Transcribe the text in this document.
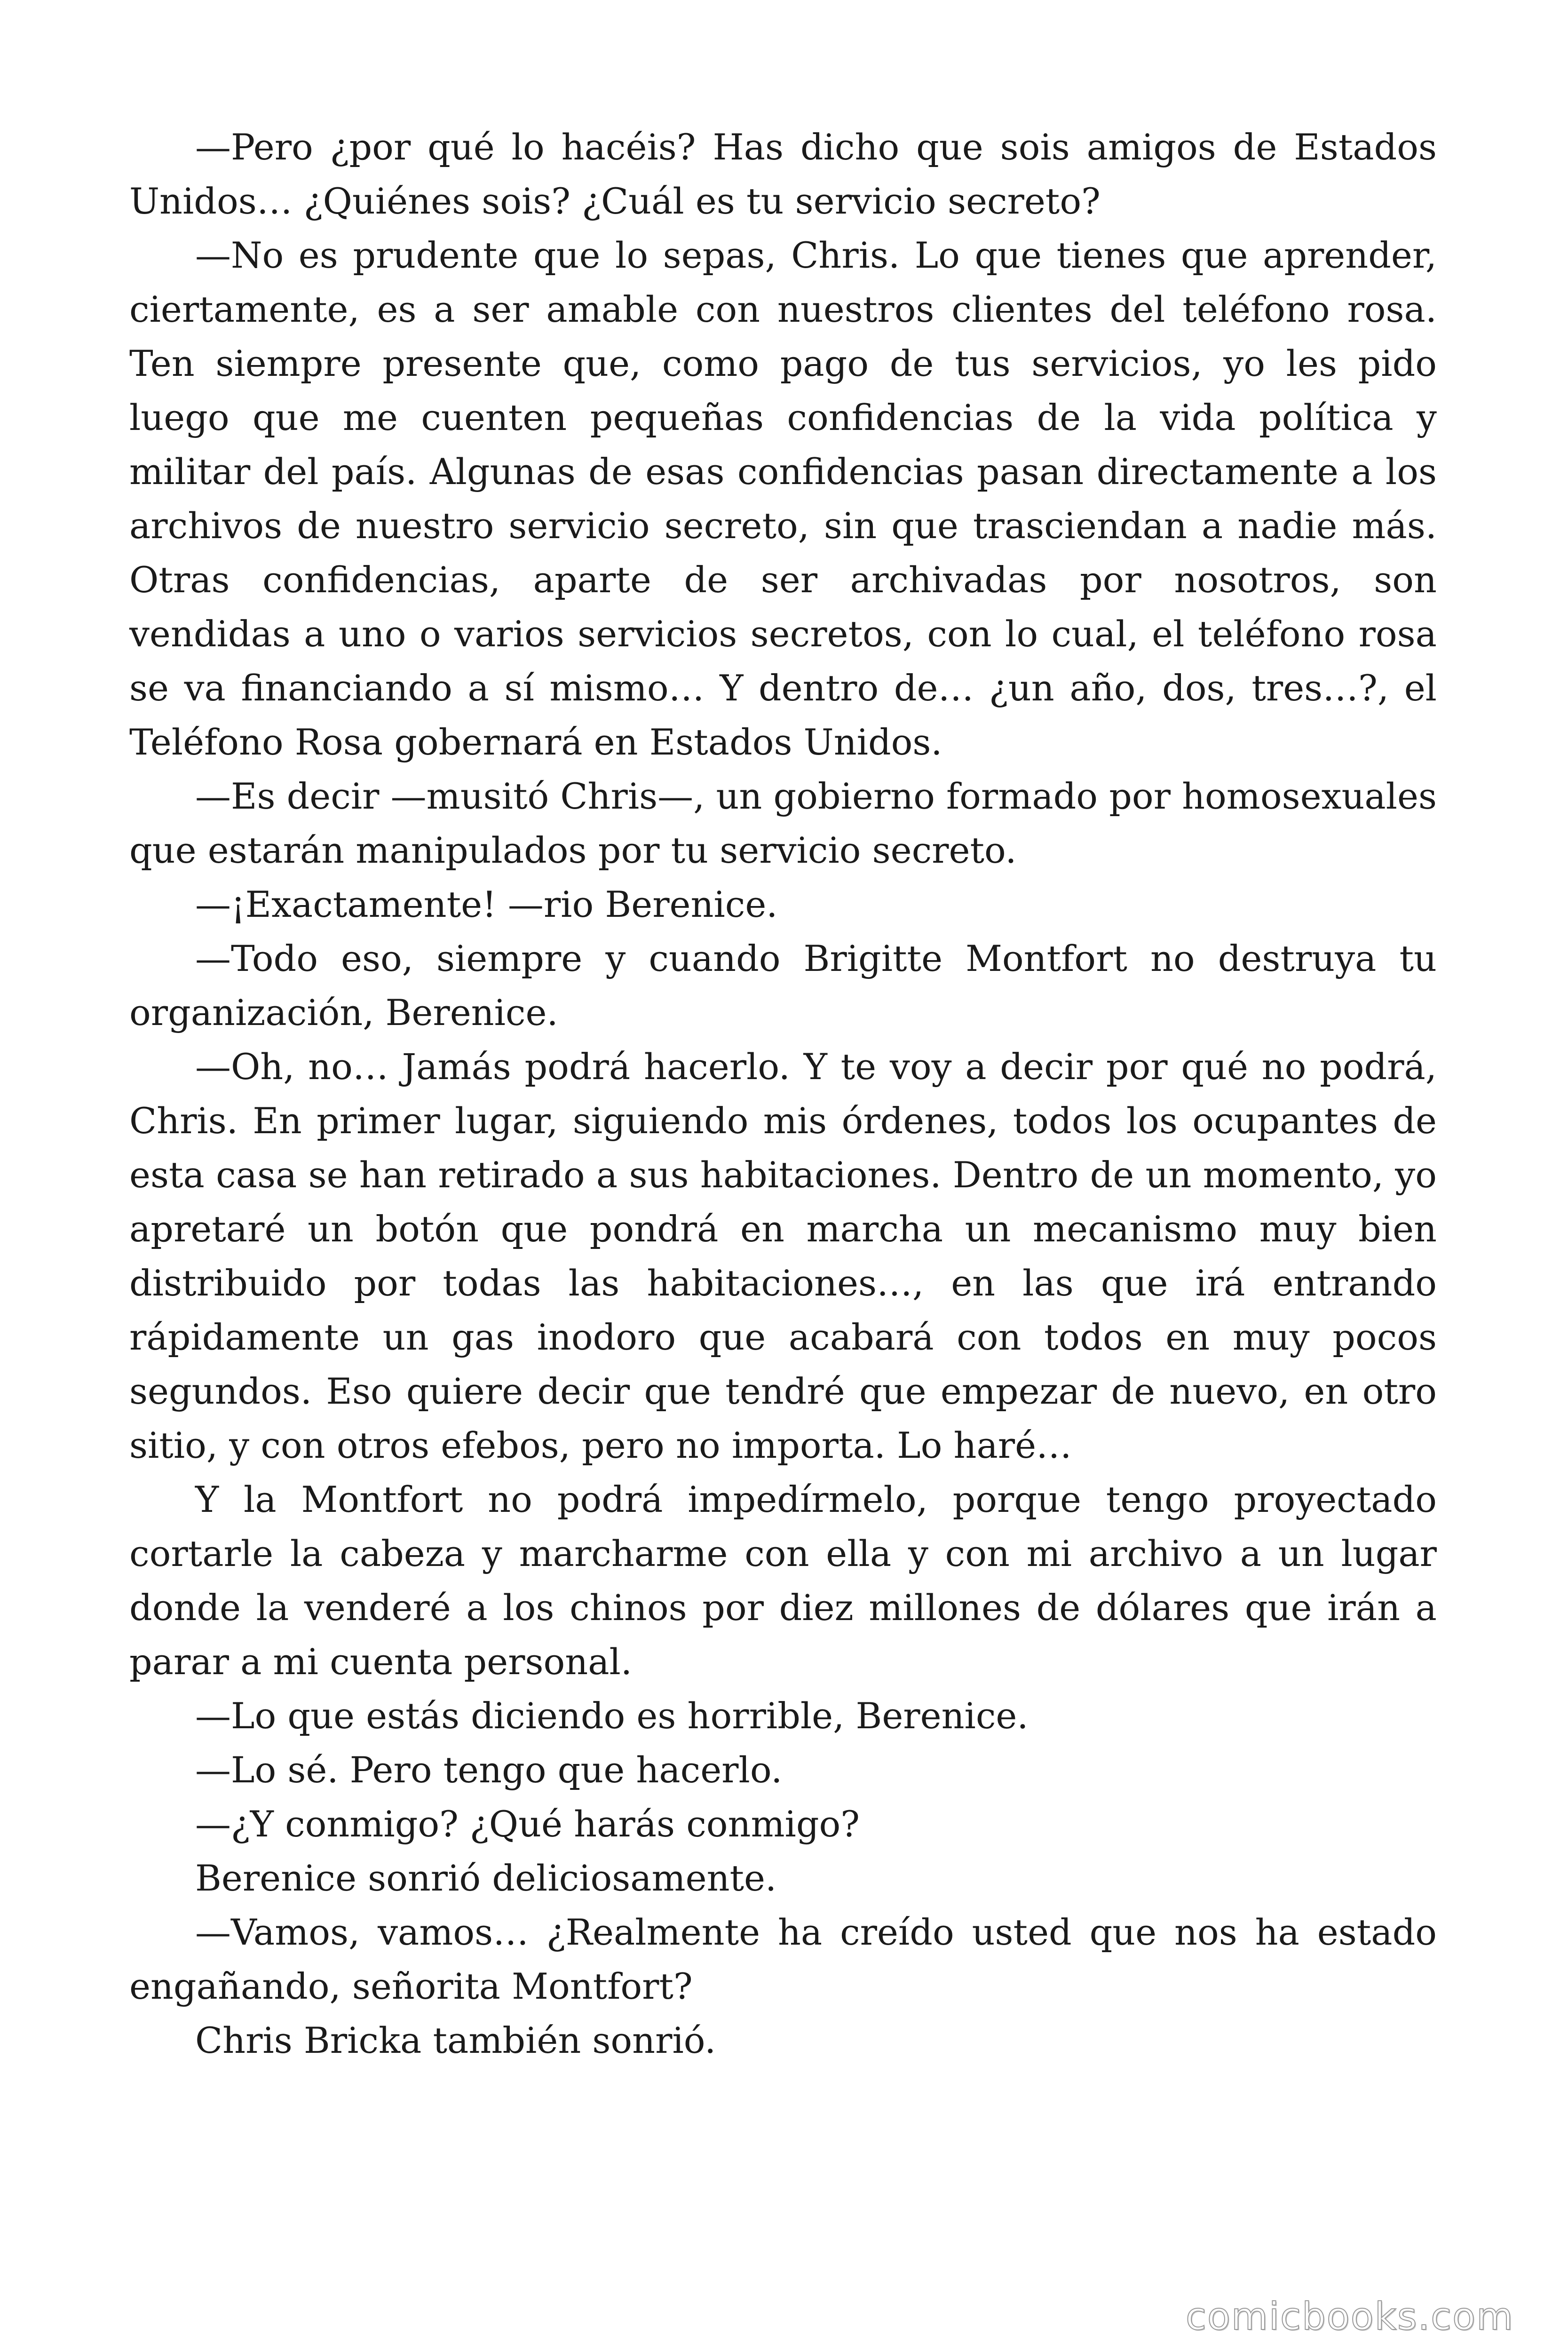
—Pero ¿por qué lo hacéis? Has dicho que sois amigos de Estados Unidos… ¿Quiénes sois? ¿Cuál es tu servicio secreto?

—No es prudente que lo sepas, Chris. Lo que tienes que aprender, ciertamente, es a ser amable con nuestros clientes del teléfono rosa. Ten siempre presente que, como pago de tus servicios, yo les pido luego que me cuenten pequeñas confidencias de la vida política y militar del país. Algunas de esas confidencias pasan directamente a los archivos de nuestro servicio secreto, sin que trasciendan a nadie más. Otras confidencias, aparte de ser archivadas por nosotros, son vendidas a uno o varios servicios secretos, con lo cual, el teléfono rosa se va financiando a sí mismo… Y dentro de… ¿un año, dos, tres…?, el Teléfono Rosa gobernará en Estados Unidos.

—Es decir —musitó Chris—, un gobierno formado por homosexuales que estarán manipulados por tu servicio secreto.

—¡Exactamente! —rio Berenice.

—Todo eso, siempre y cuando Brigitte Montfort no destruya tu organización, Berenice.

—Oh, no… Jamás podrá hacerlo. Y te voy a decir por qué no podrá, Chris. En primer lugar, siguiendo mis órdenes, todos los ocupantes de esta casa se han retirado a sus habitaciones. Dentro de un momento, yo apretaré un botón que pondrá en marcha un mecanismo muy bien distribuido por todas las habitaciones…, en las que irá entrando rápidamente un gas inodoro que acabará con todos en muy pocos segundos. Eso quiere decir que tendré que empezar de nuevo, en otro sitio, y con otros efebos, pero no importa. Lo haré…

Y la Montfort no podrá impedírmelo, porque tengo proyectado cortarle la cabeza y marcharme con ella y con mi archivo a un lugar donde la venderé a los chinos por diez millones de dólares que irán a parar a mi cuenta personal.

—Lo que estás diciendo es horrible, Berenice.

—Lo sé. Pero tengo que hacerlo.

—¿Y conmigo? ¿Qué harás conmigo?

Berenice sonrió deliciosamente.

—Vamos, vamos… ¿Realmente ha creído usted que nos ha estado engañando, señorita Montfort?

Chris Bricka también sonrió.

comicbooks.com
